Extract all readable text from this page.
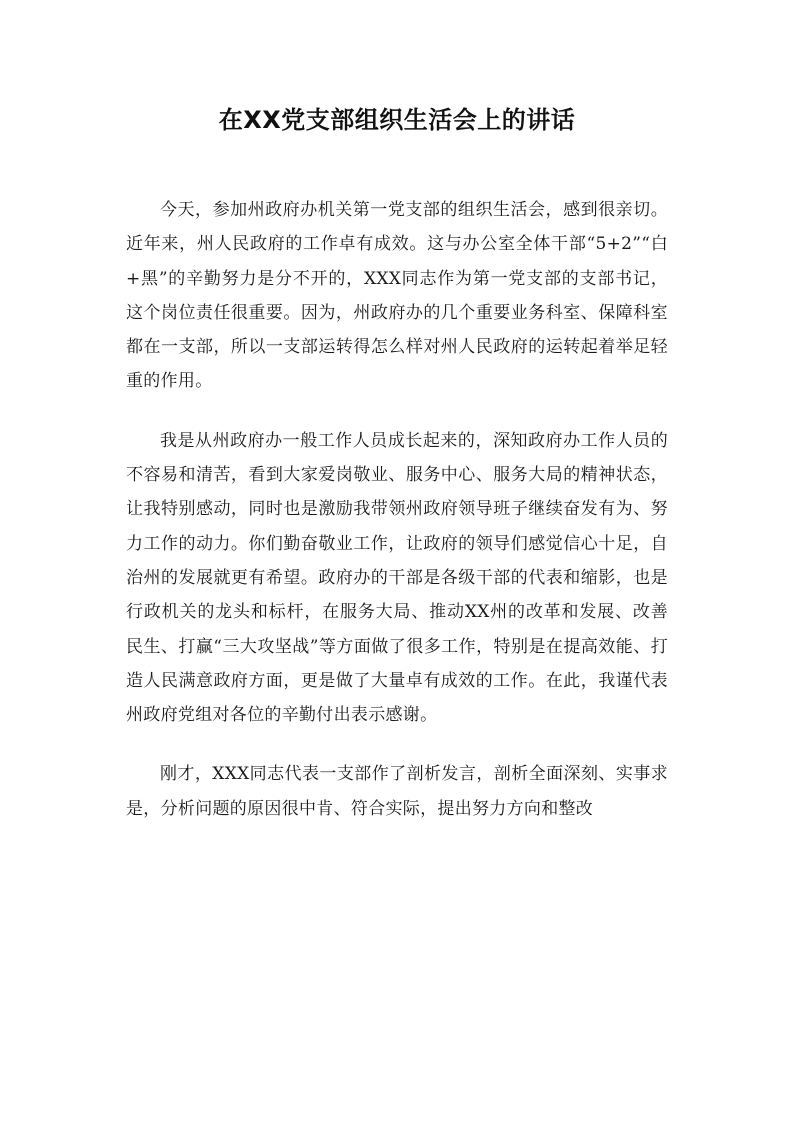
在XX党支部组织生活会上的讲话

今天，参加州政府办机关第一党支部的组织生活会，感到很亲切。近年来，州人民政府的工作卓有成效。这与办公室全体干部“5+2”“白+黑”的辛勤努力是分不开的，XXX同志作为第一党支部的支部书记，这个岗位责任很重要。因为，州政府办的几个重要业务科室、保障科室都在一支部，所以一支部运转得怎么样对州人民政府的运转起着举足轻重的作用。

我是从州政府办一般工作人员成长起来的，深知政府办工作人员的不容易和清苦，看到大家爱岗敬业、服务中心、服务大局的精神状态，让我特别感动，同时也是激励我带领州政府领导班子继续奋发有为、努力工作的动力。你们勤奋敬业工作，让政府的领导们感觉信心十足，自治州的发展就更有希望。政府办的干部是各级干部的代表和缩影，也是行政机关的龙头和标杆，在服务大局、推动XX州的改革和发展、改善民生、打赢“三大攻坚战”等方面做了很多工作，特别是在提高效能、打造人民满意政府方面，更是做了大量卓有成效的工作。在此，我谨代表州政府党组对各位的辛勤付出表示感谢。

刚才，XXX同志代表一支部作了剖析发言，剖析全面深刻、实事求是，分析问题的原因很中肯、符合实际，提出努力方向和整改
